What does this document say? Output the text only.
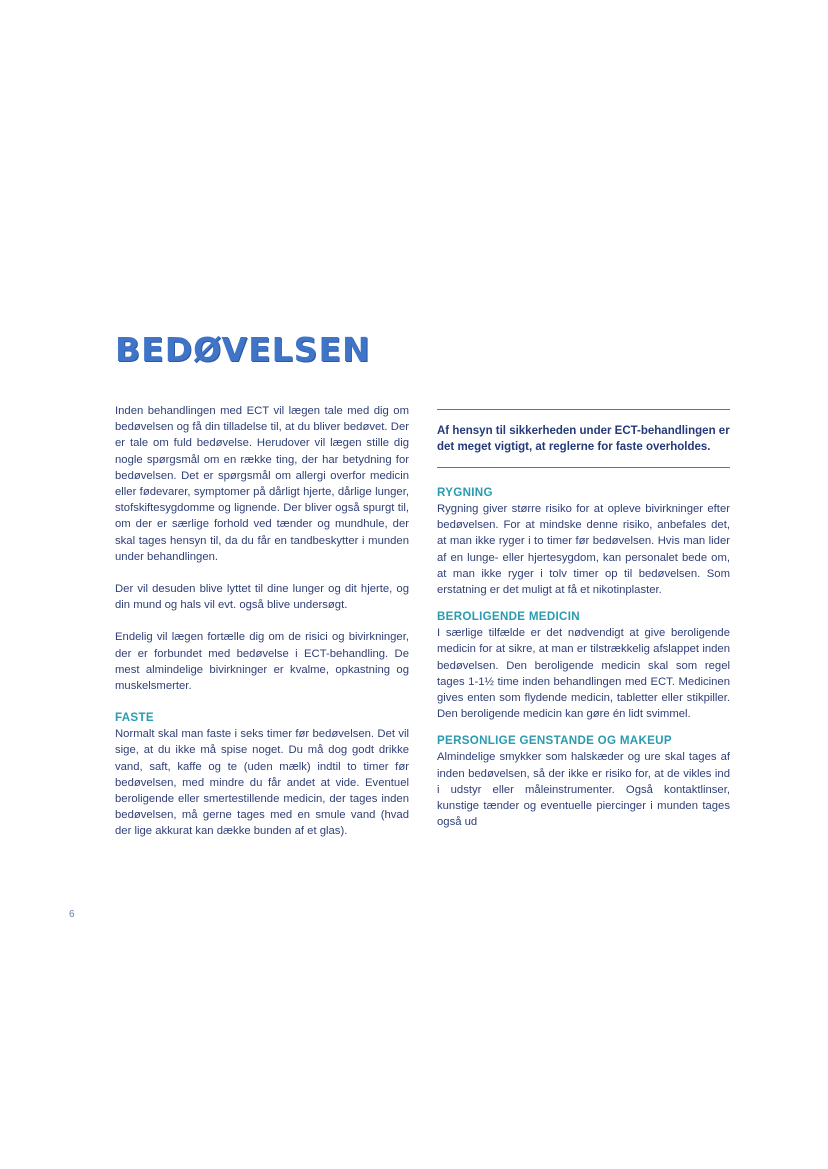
BEDØVELSEN

Inden behandlingen med ECT vil lægen tale med dig om bedøvelsen og få din tilladelse til, at du bliver bedøvet. Der er tale om fuld bedøvelse. Herudover vil lægen stille dig nogle spørgsmål om en række ting, der har betydning for bedøvelsen. Det er spørgsmål om allergi overfor medicin eller fødevarer, symptomer på dårligt hjerte, dårlige lunger, stofskiftesygdomme og lignende. Der bliver også spurgt til, om der er særlige forhold ved tænder og mundhule, der skal tages hensyn til, da du får en tandbeskytter i munden under behandlingen.

Der vil desuden blive lyttet til dine lunger og dit hjerte, og din mund og hals vil evt. også blive undersøgt.

Endelig vil lægen fortælle dig om de risici og bivirkninger, der er forbundet med bedøvelse i ECT-behandling. De mest almindelige bivirkninger er kvalme, opkastning og muskelsmerter.

FASTE

Normalt skal man faste i seks timer før bedøvelsen. Det vil sige, at du ikke må spise noget. Du må dog godt drikke vand, saft, kaffe og te (uden mælk) indtil to timer før bedøvelsen, med mindre du får andet at vide. Eventuel beroligende eller smertestillende medicin, der tages inden bedøvelsen, må gerne tages med en smule vand (hvad der lige akkurat kan dække bunden af et glas).

Af hensyn til sikkerheden under ECT-behandlingen er det meget vigtigt, at reglerne for faste overholdes.
RYGNING

Rygning giver større risiko for at opleve bivirkninger efter bedøvelsen. For at mindske denne risiko, anbefales det, at man ikke ryger i to timer før bedøvelsen. Hvis man lider af en lunge- eller hjertesygdom, kan personalet bede om, at man ikke ryger i tolv timer op til bedøvelsen. Som erstatning er det muligt at få et nikotinplaster.

BEROLIGENDE MEDICIN

I særlige tilfælde er det nødvendigt at give beroligende medicin for at sikre, at man er tilstrækkelig afslappet inden bedøvelsen. Den beroligende medicin skal som regel tages 1-1½ time inden behandlingen med ECT. Medicinen gives enten som flydende medicin, tabletter eller stikpiller. Den beroligende medicin kan gøre én lidt svimmel.

PERSONLIGE GENSTANDE OG MAKEUP

Almindelige smykker som halskæder og ure skal tages af inden bedøvelsen, så der ikke er risiko for, at de vikles ind i udstyr eller måleinstrumenter. Også kontaktlinser, kunstige tænder og eventuelle piercinger i munden tages også ud

6
